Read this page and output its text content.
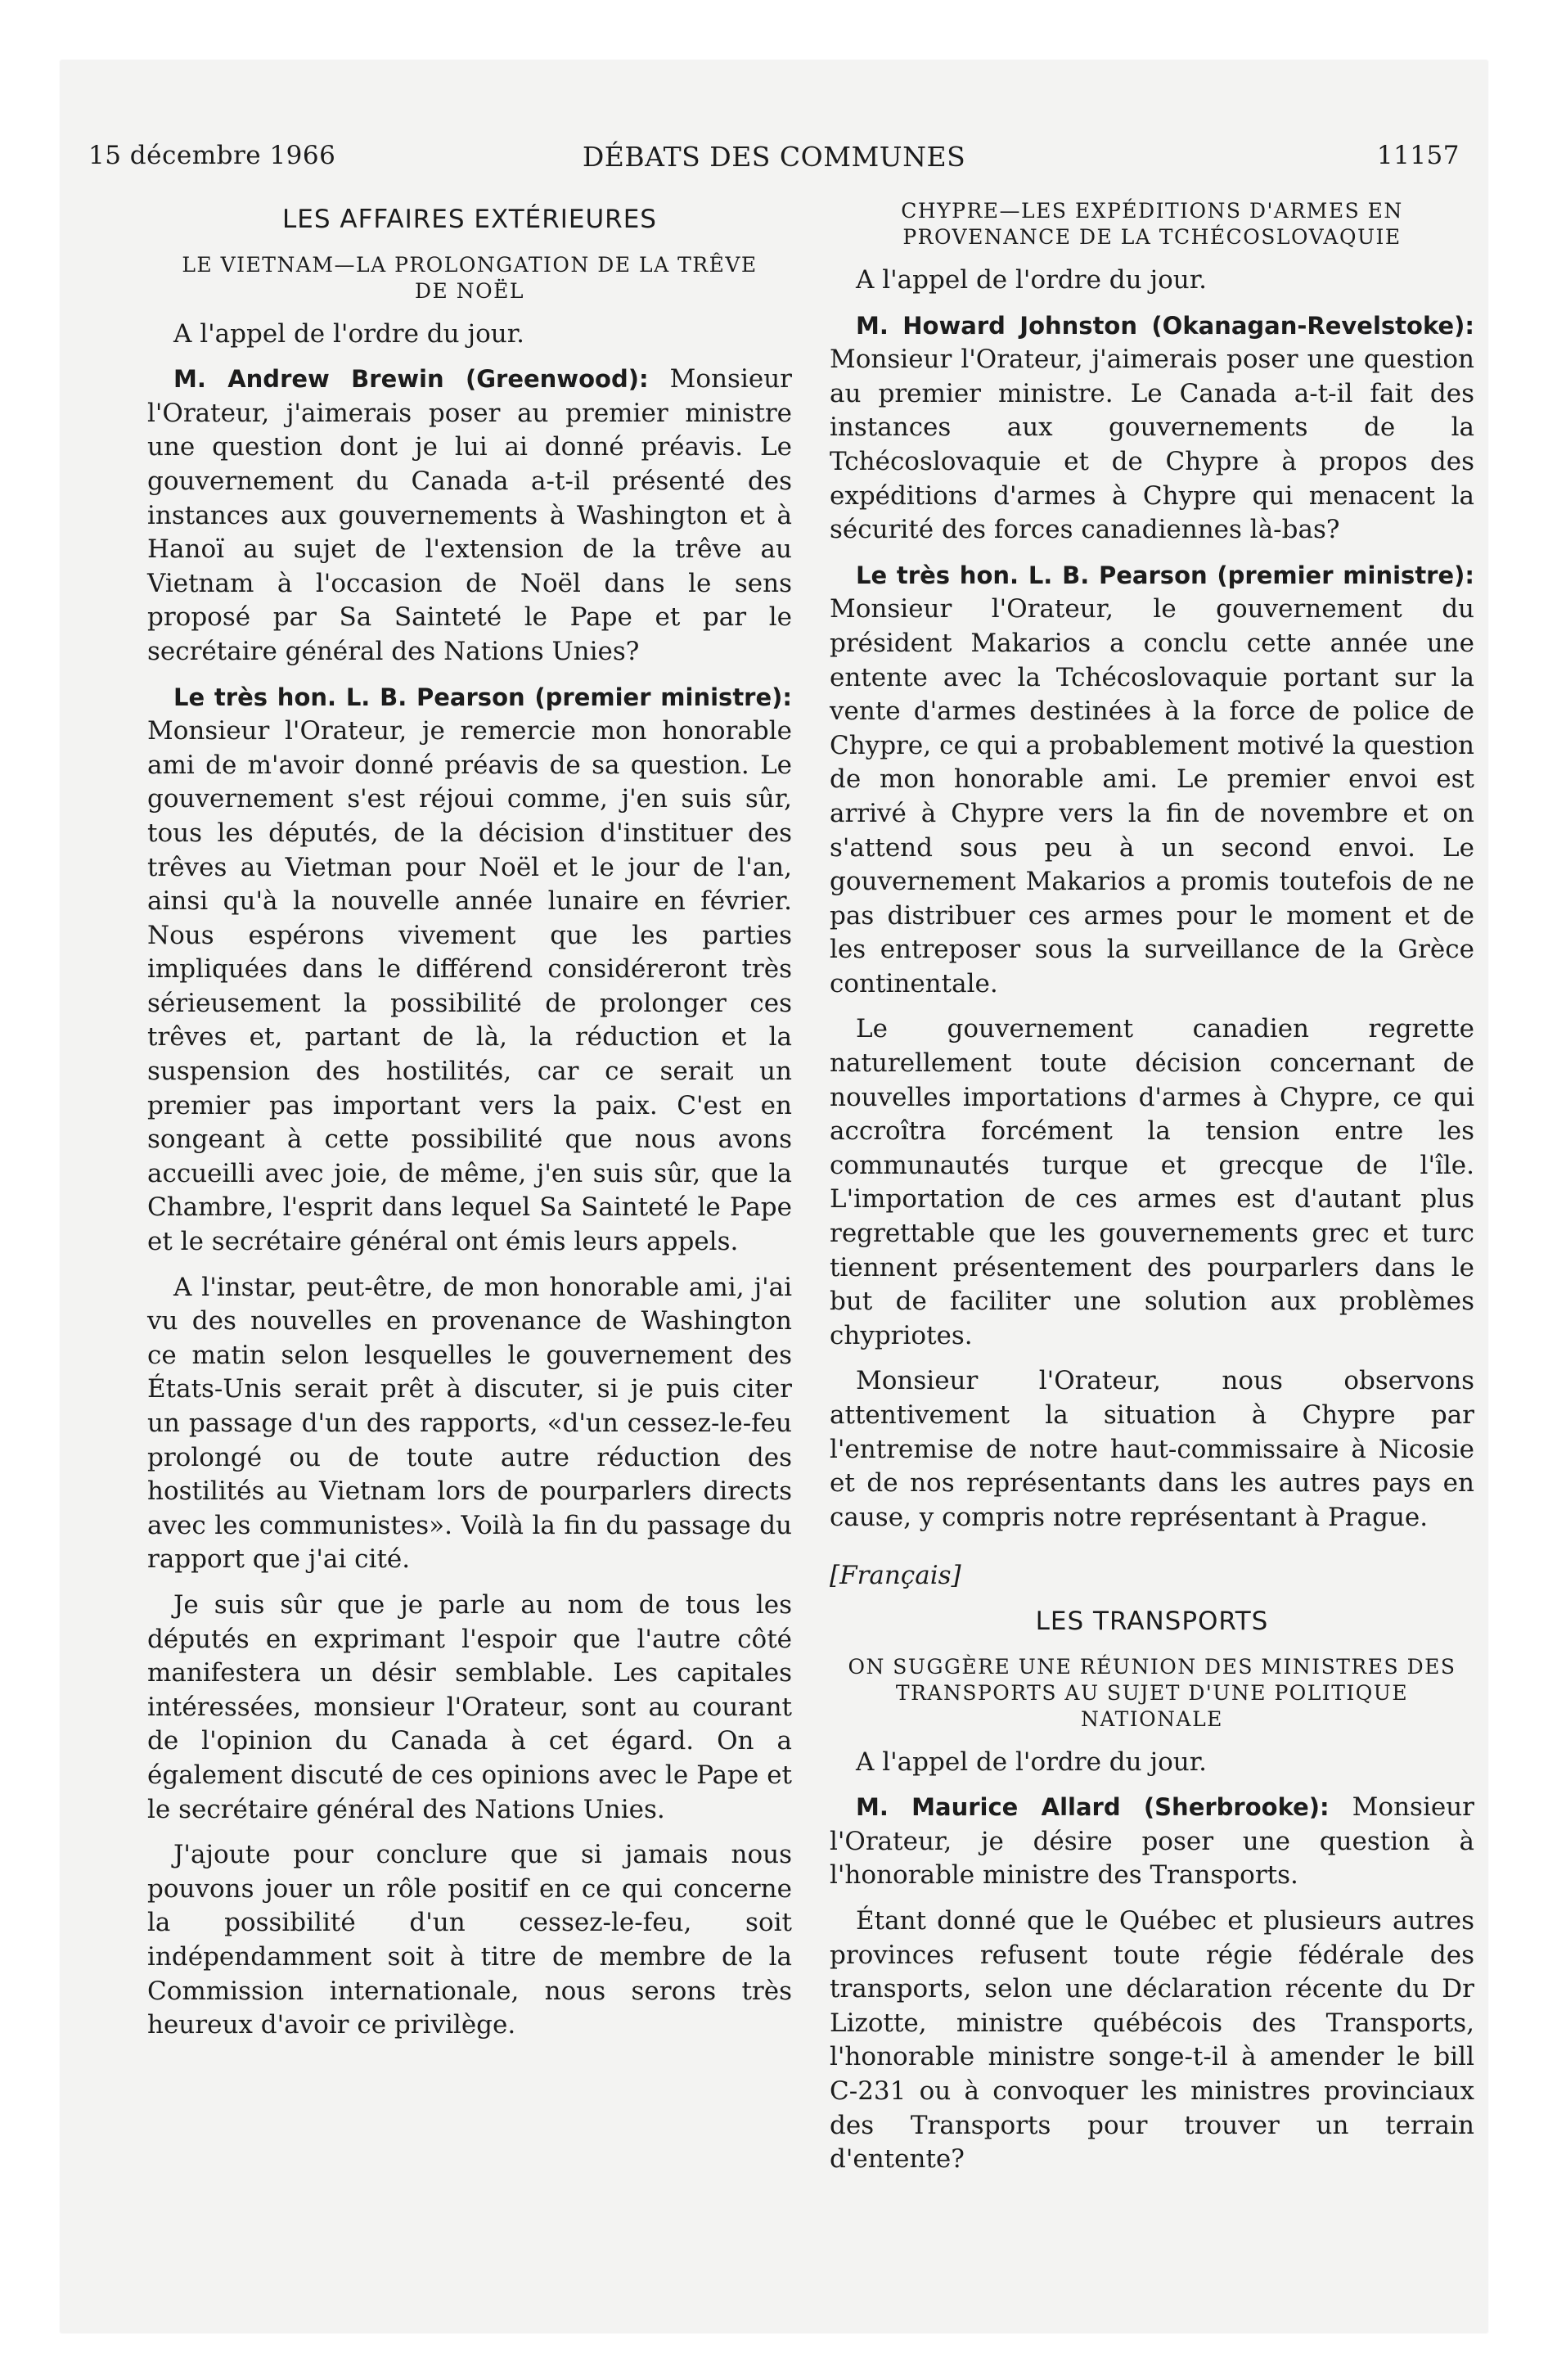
15 décembre 1966	DÉBATS DES COMMUNES	11157
LES AFFAIRES EXTÉRIEURES
LE VIETNAM—LA PROLONGATION DE LA TRÊVE DE NOËL

A l'appel de l'ordre du jour.

M. Andrew Brewin (Greenwood): Monsieur l'Orateur, j'aimerais poser au premier ministre une question dont je lui ai donné préavis. Le gouvernement du Canada a-t-il présenté des instances aux gouvernements à Washington et à Hanoï au sujet de l'extension de la trêve au Vietnam à l'occasion de Noël dans le sens proposé par Sa Sainteté le Pape et par le secrétaire général des Nations Unies?

Le très hon. L. B. Pearson (premier ministre): Monsieur l'Orateur, je remercie mon honorable ami de m'avoir donné préavis de sa question. Le gouvernement s'est réjoui comme, j'en suis sûr, tous les députés, de la décision d'instituer des trêves au Vietman pour Noël et le jour de l'an, ainsi qu'à la nouvelle année lunaire en février. Nous espérons vivement que les parties impliquées dans le différend considéreront très sérieusement la possibilité de prolonger ces trêves et, partant de là, la réduction et la suspension des hostilités, car ce serait un premier pas important vers la paix. C'est en songeant à cette possibilité que nous avons accueilli avec joie, de même, j'en suis sûr, que la Chambre, l'esprit dans lequel Sa Sainteté le Pape et le secrétaire général ont émis leurs appels.

A l'instar, peut-être, de mon honorable ami, j'ai vu des nouvelles en provenance de Washington ce matin selon lesquelles le gouvernement des États-Unis serait prêt à discuter, si je puis citer un passage d'un des rapports, «d'un cessez-le-feu prolongé ou de toute autre réduction des hostilités au Vietnam lors de pourparlers directs avec les communistes». Voilà la fin du passage du rapport que j'ai cité.

Je suis sûr que je parle au nom de tous les députés en exprimant l'espoir que l'autre côté manifestera un désir semblable. Les capitales intéressées, monsieur l'Orateur, sont au courant de l'opinion du Canada à cet égard. On a également discuté de ces opinions avec le Pape et le secrétaire général des Nations Unies.

J'ajoute pour conclure que si jamais nous pouvons jouer un rôle positif en ce qui concerne la possibilité d'un cessez-le-feu, soit indépendamment soit à titre de membre de la Commission internationale, nous serons très heureux d'avoir ce privilège.

CHYPRE—LES EXPÉDITIONS D'ARMES EN PROVENANCE DE LA TCHÉCOSLOVAQUIE

A l'appel de l'ordre du jour.

M. Howard Johnston (Okanagan-Revelstoke): Monsieur l'Orateur, j'aimerais poser une question au premier ministre. Le Canada a-t-il fait des instances aux gouvernements de la Tchécoslovaquie et de Chypre à propos des expéditions d'armes à Chypre qui menacent la sécurité des forces canadiennes là-bas?

Le très hon. L. B. Pearson (premier ministre): Monsieur l'Orateur, le gouvernement du président Makarios a conclu cette année une entente avec la Tchécoslovaquie portant sur la vente d'armes destinées à la force de police de Chypre, ce qui a probablement motivé la question de mon honorable ami. Le premier envoi est arrivé à Chypre vers la fin de novembre et on s'attend sous peu à un second envoi. Le gouvernement Makarios a promis toutefois de ne pas distribuer ces armes pour le moment et de les entreposer sous la surveillance de la Grèce continentale.

Le gouvernement canadien regrette naturellement toute décision concernant de nouvelles importations d'armes à Chypre, ce qui accroîtra forcément la tension entre les communautés turque et grecque de l'île. L'importation de ces armes est d'autant plus regrettable que les gouvernements grec et turc tiennent présentement des pourparlers dans le but de faciliter une solution aux problèmes chypriotes.

Monsieur l'Orateur, nous observons attentivement la situation à Chypre par l'entremise de notre haut-commissaire à Nicosie et de nos représentants dans les autres pays en cause, y compris notre représentant à Prague.

[Français]

LES TRANSPORTS
ON SUGGÈRE UNE RÉUNION DES MINISTRES DES TRANSPORTS AU SUJET D'UNE POLITIQUE NATIONALE

A l'appel de l'ordre du jour.

M. Maurice Allard (Sherbrooke): Monsieur l'Orateur, je désire poser une question à l'honorable ministre des Transports.

Étant donné que le Québec et plusieurs autres provinces refusent toute régie fédérale des transports, selon une déclaration récente du Dr Lizotte, ministre québécois des Transports, l'honorable ministre songe-t-il à amender le bill C-231 ou à convoquer les ministres provinciaux des Transports pour trouver un terrain d'entente?
